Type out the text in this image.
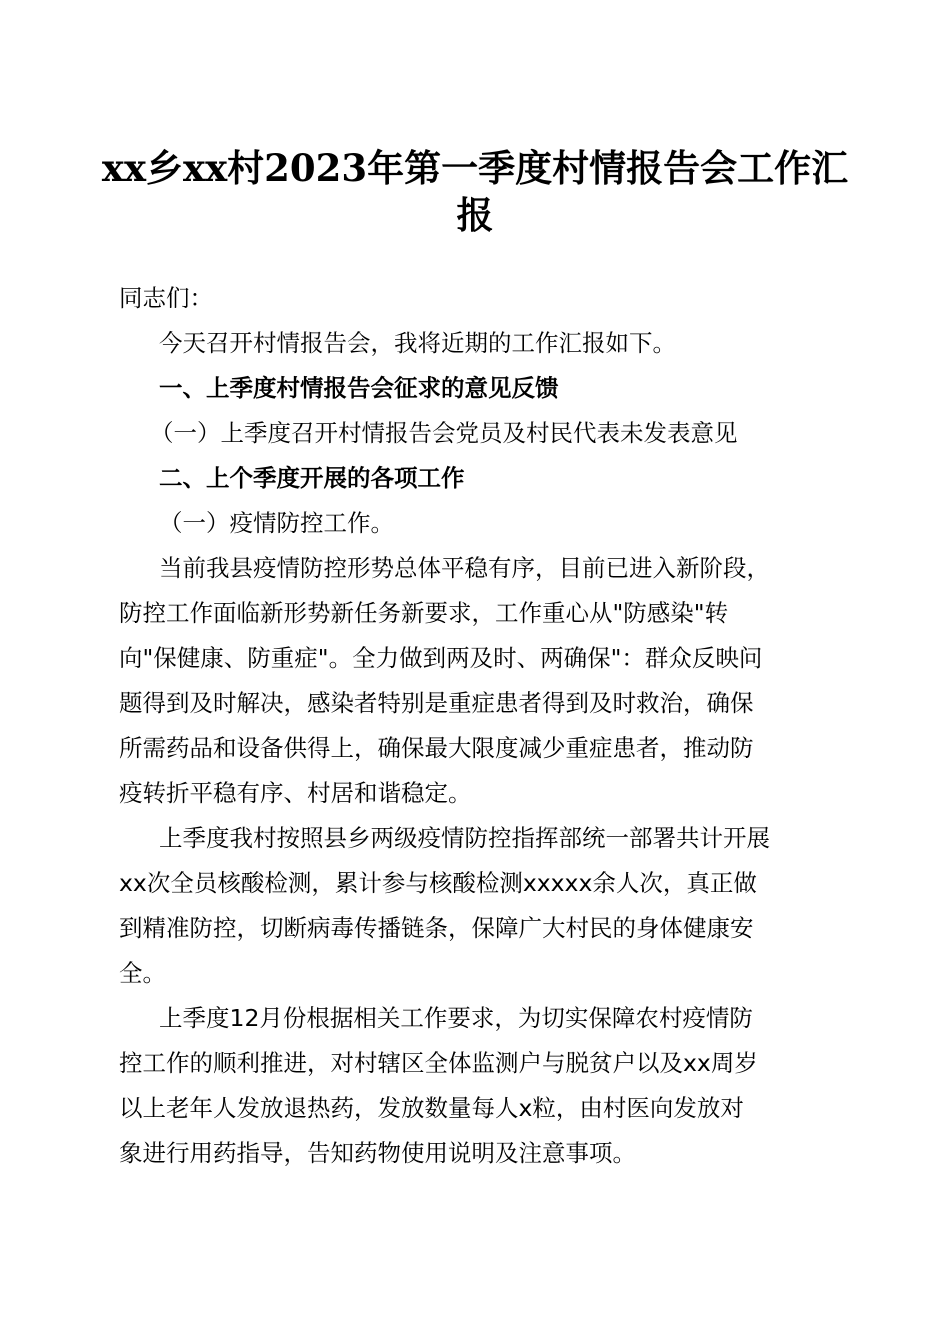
xx乡xx村2023年第一季度村情报告会工作汇
报

同志们：

今天召开村情报告会，我将近期的工作汇报如下。

一、上季度村情报告会征求的意见反馈

（一）上季度召开村情报告会党员及村民代表未发表意见

二、上个季度开展的各项工作

（一）疫情防控工作。

当前我县疫情防控形势总体平稳有序，目前已进入新阶段，

防控工作面临新形势新任务新要求，工作重心从"防感染"转

向"保健康、防重症"。全力做到两及时、两确保"：群众反映问

题得到及时解决，感染者特别是重症患者得到及时救治，确保

所需药品和设备供得上，确保最大限度减少重症患者，推动防

疫转折平稳有序、村居和谐稳定。

上季度我村按照县乡两级疫情防控指挥部统一部署共计开展

xx次全员核酸检测，累计参与核酸检测xxxxx余人次，真正做

到精准防控，切断病毒传播链条，保障广大村民的身体健康安

全。

上季度12月份根据相关工作要求，为切实保障农村疫情防

控工作的顺利推进，对村辖区全体监测户与脱贫户以及xx周岁

以上老年人发放退热药，发放数量每人x粒，由村医向发放对

象进行用药指导，告知药物使用说明及注意事项。
